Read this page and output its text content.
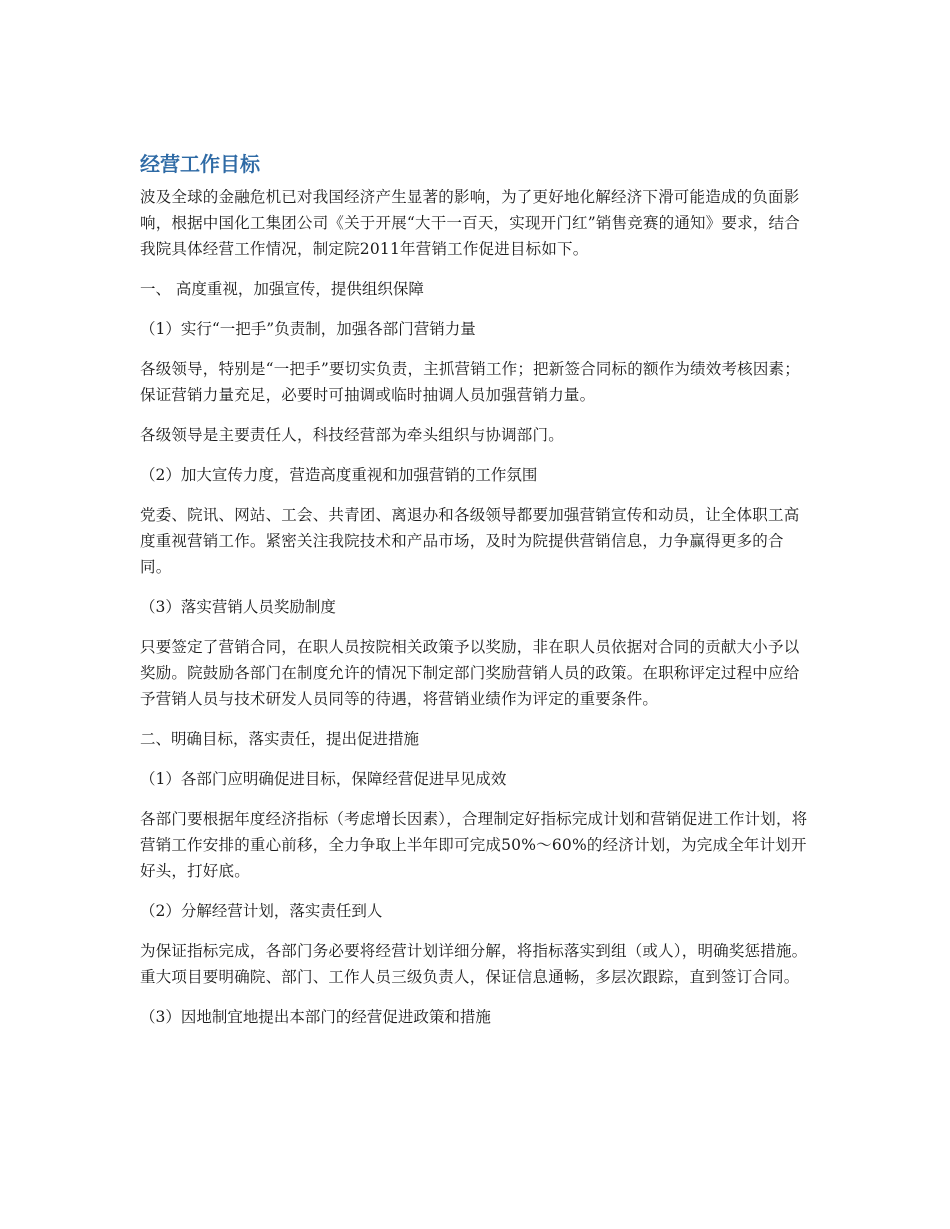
经营工作目标

波及全球的金融危机已对我国经济产生显著的影响，为了更好地化解经济下滑可能造成的负面影响，根据中国化工集团公司《关于开展“大干一百天，实现开门红”销售竞赛的通知》要求，结合我院具体经营工作情况，制定院2011年营销工作促进目标如下。

一、 高度重视，加强宣传，提供组织保障

（1）实行“一把手”负责制，加强各部门营销力量

各级领导，特别是“一把手”要切实负责，主抓营销工作；把新签合同标的额作为绩效考核因素；保证营销力量充足，必要时可抽调或临时抽调人员加强营销力量。

各级领导是主要责任人，科技经营部为牵头组织与协调部门。

（2）加大宣传力度，营造高度重视和加强营销的工作氛围

党委、院讯、网站、工会、共青团、离退办和各级领导都要加强营销宣传和动员，让全体职工高度重视营销工作。紧密关注我院技术和产品市场，及时为院提供营销信息，力争赢得更多的合同。

（3）落实营销人员奖励制度

只要签定了营销合同，在职人员按院相关政策予以奖励，非在职人员依据对合同的贡献大小予以奖励。院鼓励各部门在制度允许的情况下制定部门奖励营销人员的政策。在职称评定过程中应给予营销人员与技术研发人员同等的待遇，将营销业绩作为评定的重要条件。

二、明确目标，落实责任，提出促进措施

（1）各部门应明确促进目标，保障经营促进早见成效

各部门要根据年度经济指标（考虑增长因素），合理制定好指标完成计划和营销促进工作计划，将营销工作安排的重心前移，全力争取上半年即可完成50%～60%的经济计划，为完成全年计划开好头，打好底。

（2）分解经营计划，落实责任到人

为保证指标完成，各部门务必要将经营计划详细分解，将指标落实到组（或人），明确奖惩措施。重大项目要明确院、部门、工作人员三级负责人，保证信息通畅，多层次跟踪，直到签订合同。

（3）因地制宜地提出本部门的经营促进政策和措施
